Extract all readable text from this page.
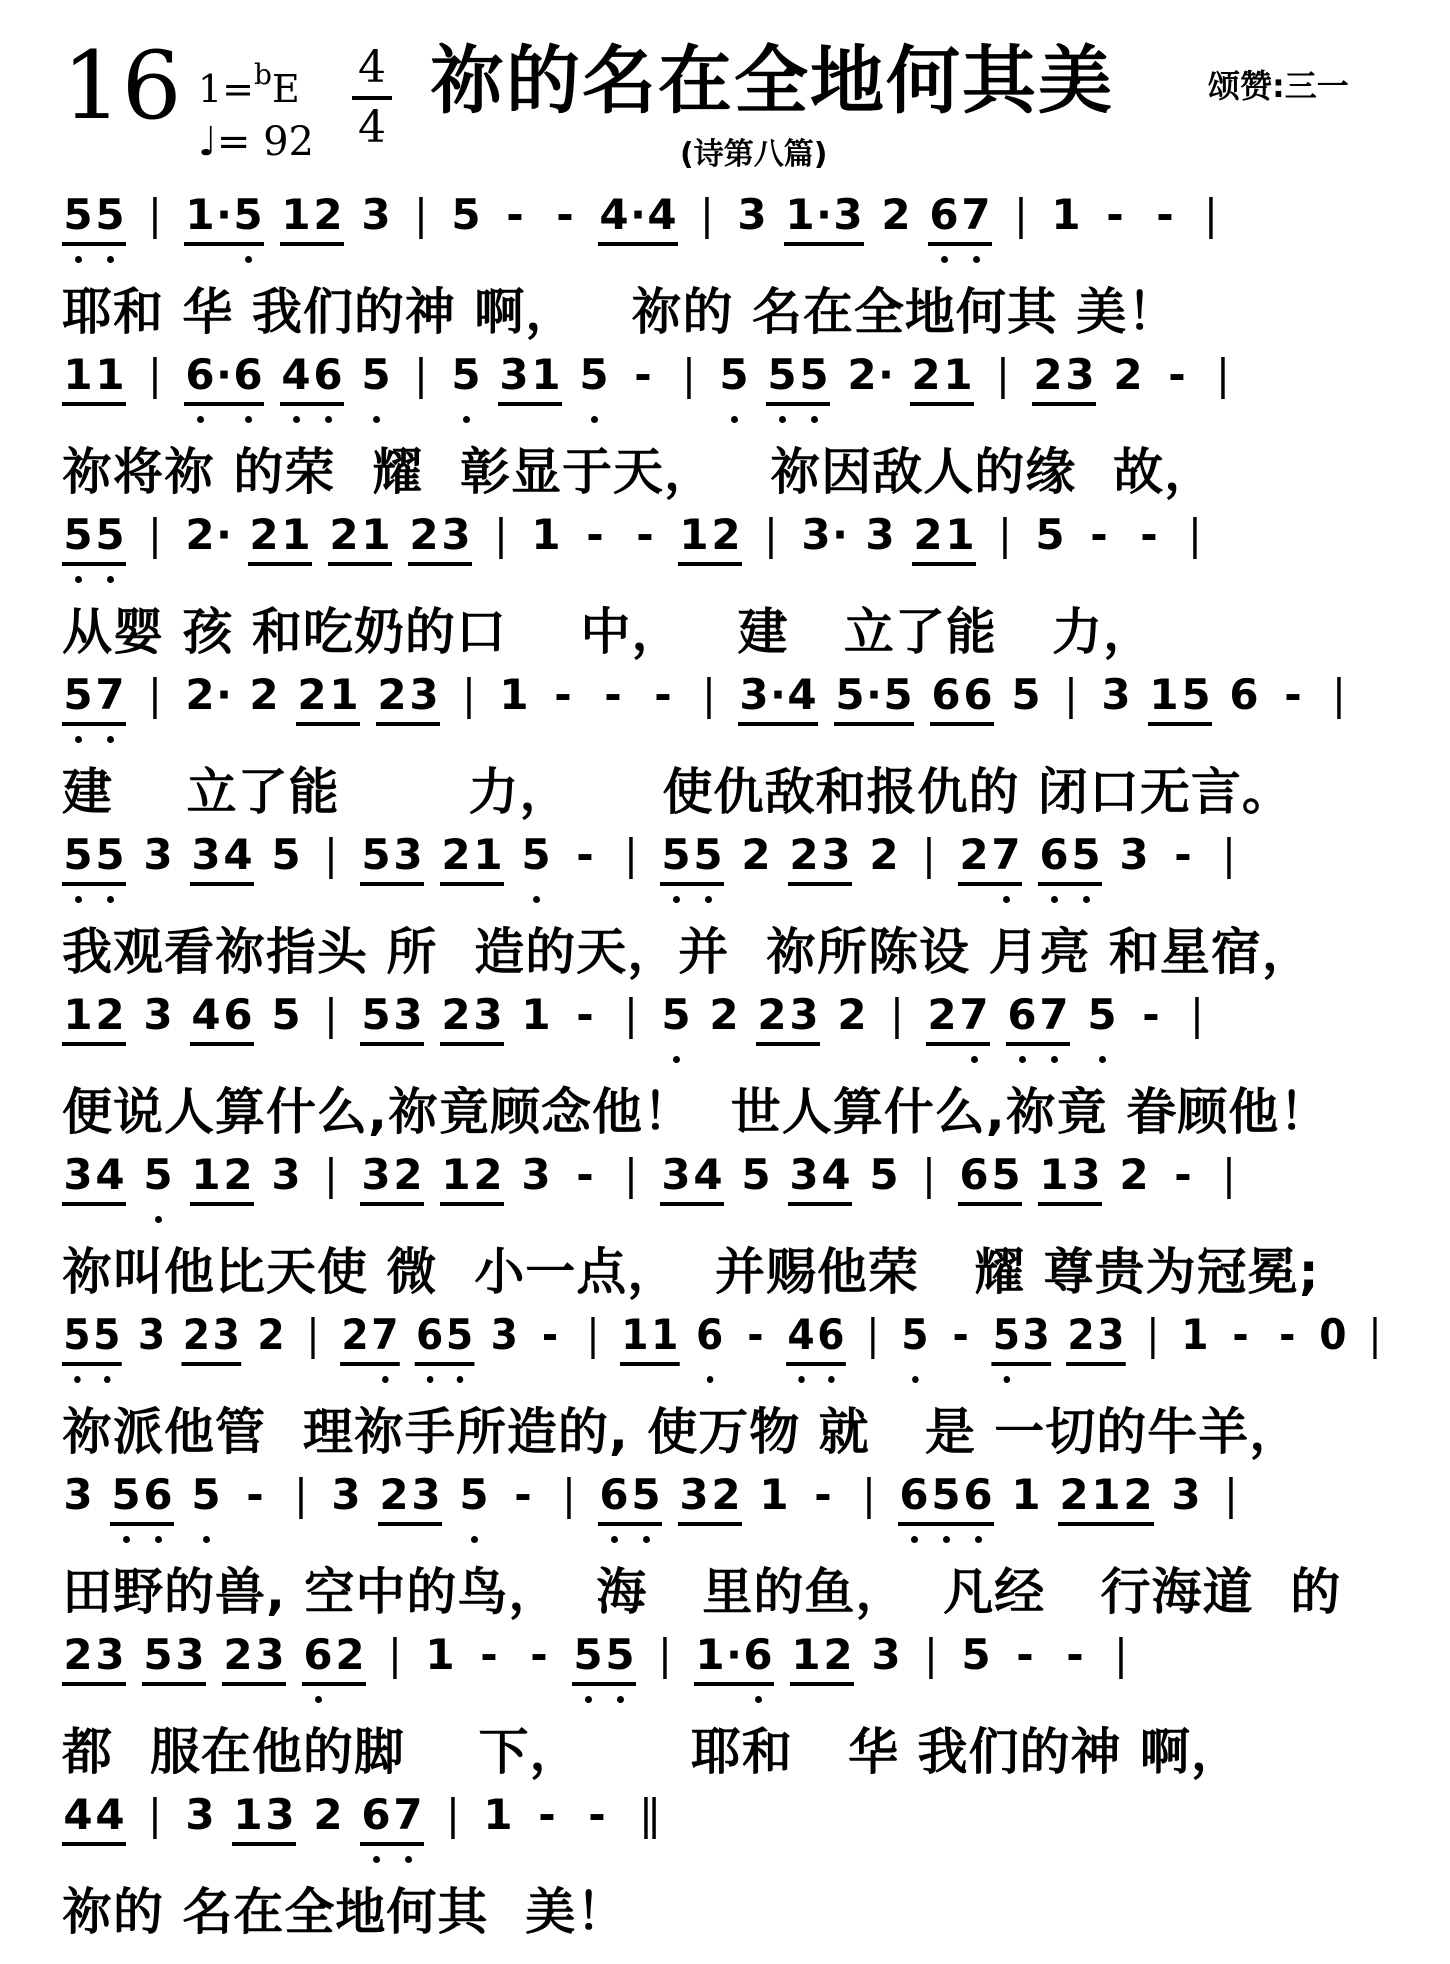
16 1=$^b$E
♩= $92 \frac{4}{4}$ 祢的名在全地何其美	颂赞:三一
(诗第八篇)
5 5 | 1 · 5 1 2 3 | 5 - - 4 · 4 | 3 1 · 3 2 6 7 | 1 - - |
耶和 华 我们的神 啊，   祢的 名在全地何其 美！
1 1 | 6 · 6 4 6 5 | 5 3 1 5 - | 5 5 5 2 · 2 1 | 2 3 2 - |
祢将祢 的荣  耀  彰显于天，   祢因敌人的缘  故，
5 5 | 2 · 2 1 2 1 2 3 | 1 - - 1 2 | 3 · 3 2 1 | 5 - - |
从婴 孩 和吃奶的口    中，   建   立了能   力，
5 7 | 2 · 2 2 1 2 3 | 1 - - - | 3 · 4 5 · 5 6 6 5 | 3 1 5 6 - |
建    立了能       力，     使仇敌和报仇的 闭口无言。
5 5 3 3 4 5 | 5 3 2 1 5 - | 5 5 2 2 3 2 | 2 7 6 5 3 - |
我观看祢指头 所  造的天，并  祢所陈设 月亮 和星宿，
1 2 3 4 6 5 | 5 3 2 3 1 - | 5 2 2 3 2 | 2 7 6 7 5 - |
便说人算什么,祢竟顾念他！  世人算什么,祢竟 眷顾他！
3 4 5 1 2 3 | 3 2 1 2 3 - | 3 4 5 3 4 5 | 6 5 1 3 2 - |
祢叫他比天使 微  小一点，  并赐他荣   耀 尊贵为冠冕;
5 5 3 2 3 2 | 2 7 6 5 3 - | 1 1 6 - 4 6 | 5 - 5 3 2 3 | 1 - - 0 |
祢派他管  理祢手所造的, 使万物 就   是 一切的牛羊，
3 5 6 5 - | 3 2 3 5 - | 6 5 3 2 1 - | 6 5 6 1 2 1 2 3 |
田野的兽, 空中的鸟，  海   里的鱼，  凡经   行海道  的
2 3 5 3 2 3 6 2 | 1 - - 5 5 | 1 · 6 1 2 3 | 5 - - |
都  服在他的脚    下，      耶和   华 我们的神 啊，
4 4 | 3 1 3 2 6 7 | 1 - - ||
祢的 名在全地何其  美！
